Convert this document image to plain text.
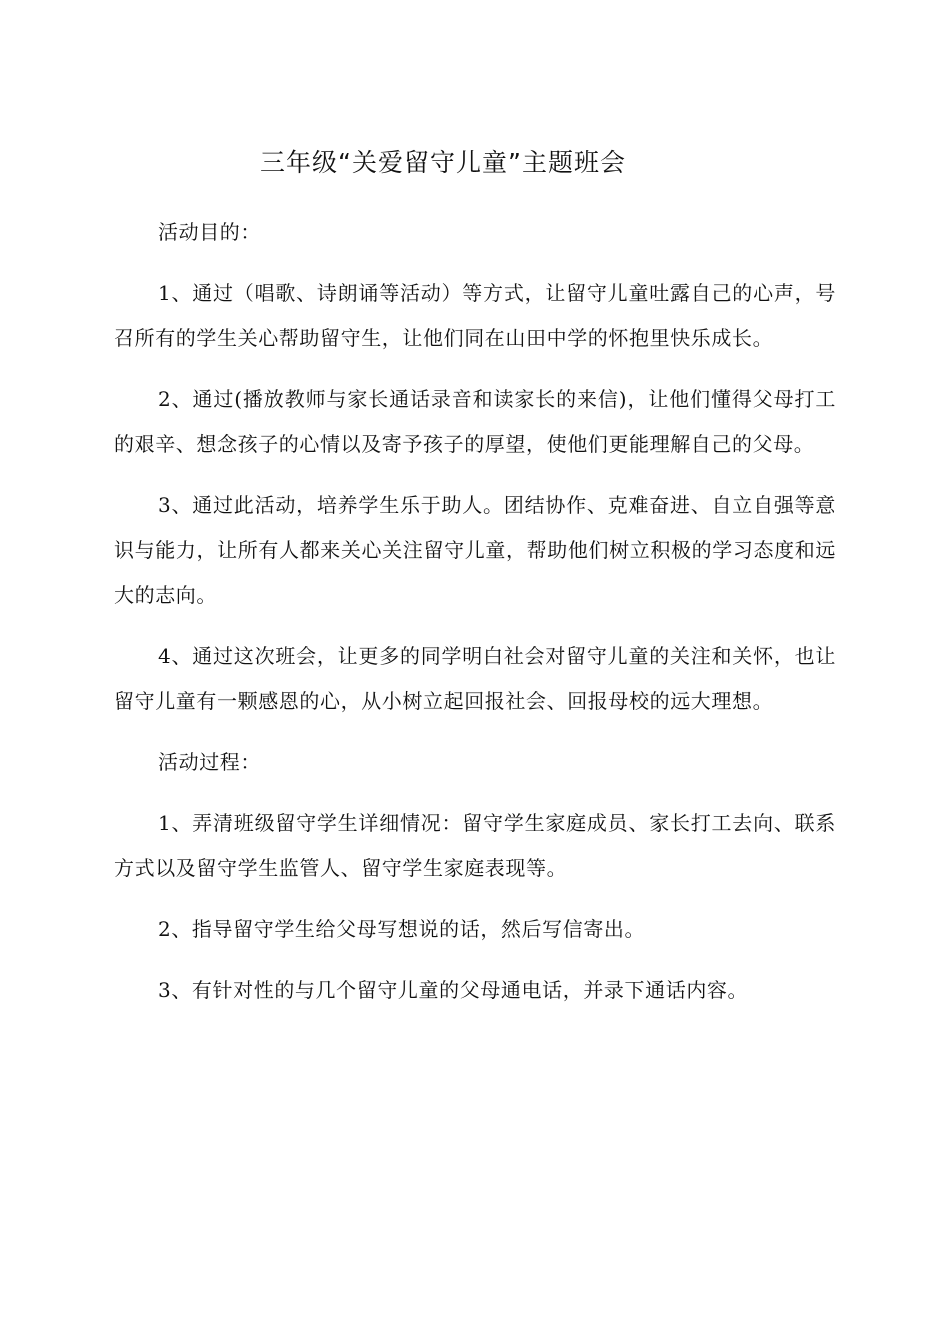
三年级“关爱留守儿童”主题班会

活动目的：

1、通过（唱歌、诗朗诵等活动）等方式，让留守儿童吐露自己的心声，号召所有的学生关心帮助留守生，让他们同在山田中学的怀抱里快乐成长。

2、通过(播放教师与家长通话录音和读家长的来信)，让他们懂得父母打工的艰辛、想念孩子的心情以及寄予孩子的厚望，使他们更能理解自己的父母。

3、通过此活动，培养学生乐于助人。团结协作、克难奋进、自立自强等意识与能力，让所有人都来关心关注留守儿童，帮助他们树立积极的学习态度和远大的志向。

4、通过这次班会，让更多的同学明白社会对留守儿童的关注和关怀，也让留守儿童有一颗感恩的心，从小树立起回报社会、回报母校的远大理想。

活动过程：

1、弄清班级留守学生详细情况：留守学生家庭成员、家长打工去向、联系方式以及留守学生监管人、留守学生家庭表现等。

2、指导留守学生给父母写想说的话，然后写信寄出。

3、有针对性的与几个留守儿童的父母通电话，并录下通话内容。
